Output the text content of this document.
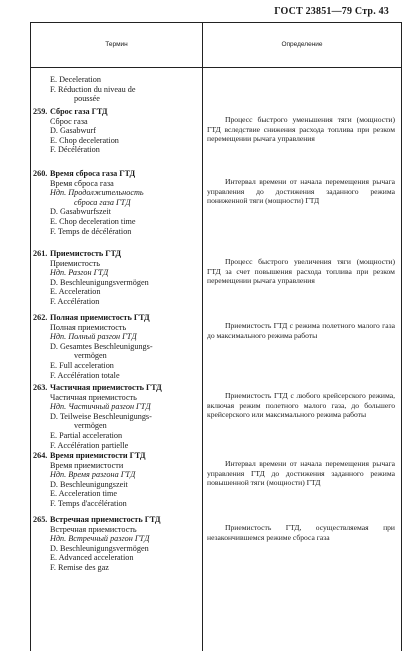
ГОСТ 23851—79 Стр. 43
Термин	Определение
E. Deceleration
F. Réduction du niveau de
poussée
259. Сброс газа ГТД
Сброс газа
D. Gasabwurf
E. Chop deceleration
F. Décélération

Процесс быстрого уменьшения тяги (мощности) ГТД вследствие снижения расхода топлива при резком перемещении рычага управления

260. Время сброса газа ГТД
Время сброса газа
Ндп. Продолжительность
сброса газа ГТД
D. Gasabwurfszeit
E. Chop deceleration time
F. Temps de décélération

Интервал времени от начала перемещения рычага управления до достижения заданного режима пониженной тяги (мощности) ГТД

261. Приемистость ГТД
Приемистость
Ндп. Разгон ГТД
D. Beschleunigungsvermögen
E. Acceleration
F. Accélération

Процесс быстрого увеличения тяги (мощности) ГТД за счет повышения расхода топлива при резком перемещении рычага управления

262. Полная приемистость ГТД
Полная приемистость
Ндп. Полный разгон ГТД
D. Gesamtes Beschleunigungs-
vermögen
E. Full acceleration
F. Accélération totale

Приемистость ГТД с режима полетного малого газа до максимального режима работы

263. Частичная приемистость ГТД
Частичная приемистость
Ндп. Частичный разгон ГТД
D. Teilweise Beschleunigungs-
vermögen
E. Partial acceleration
F. Accélération partielle

Приемистость ГТД с любого крейсерского режима, включая режим полетного малого газа, до большего крейсерского или максимального режима работы

264. Время приемистости ГТД
Время приемистости
Ндп. Время разгона ГТД
D. Beschleunigungszeit
E. Acceleration time
F. Temps d'accélération

Интервал времени от начала перемещения рычага управления ГТД до достижения заданного режима повышенной тяги (мощности) ГТД

265. Встречная приемистость ГТД
Встречная приемистость
Ндп. Встречный разгон ГТД
D. Beschleunigungsvermögen
E. Advanced acceleration
F. Remise des gaz

Приемистость ГТД, осуществляемая при незакончившемся режиме сброса газа
